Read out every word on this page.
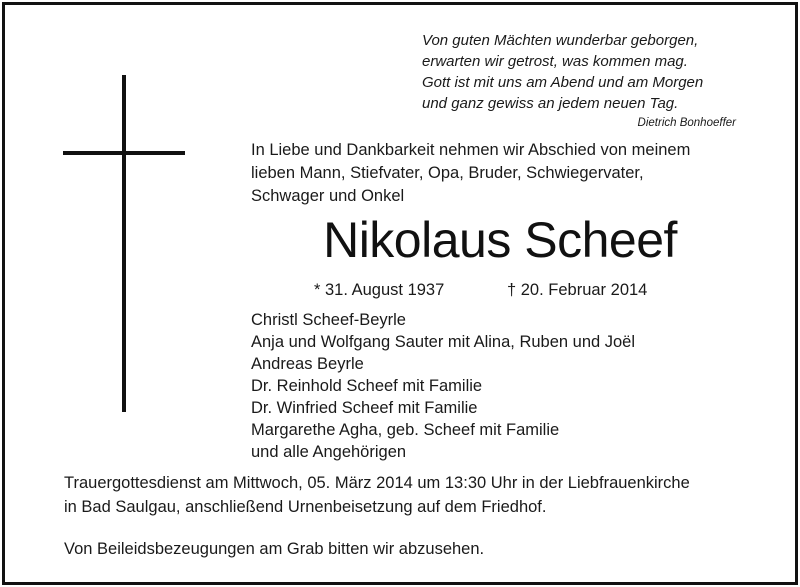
Von guten Mächten wunderbar geborgen,
erwarten wir getrost, was kommen mag.
Gott ist mit uns am Abend und am Morgen
und ganz gewiss an jedem neuen Tag.
Dietrich Bonhoeffer
In Liebe und Dankbarkeit nehmen wir Abschied von meinem
lieben Mann, Stiefvater, Opa, Bruder, Schwiegervater,
Schwager und Onkel
Nikolaus Scheef
* 31. August 1937	† 20. Februar 2014
Christl Scheef-Beyrle
Anja und Wolfgang Sauter mit Alina, Ruben und Joël
Andreas Beyrle
Dr. Reinhold Scheef mit Familie
Dr. Winfried Scheef mit Familie
Margarethe Agha, geb. Scheef mit Familie
und alle Angehörigen
Trauergottesdienst am Mittwoch, 05. März 2014 um 13:30 Uhr in der Liebfrauenkirche
in Bad Saulgau, anschließend Urnenbeisetzung auf dem Friedhof.
Von Beileidsbezeugungen am Grab bitten wir abzusehen.
